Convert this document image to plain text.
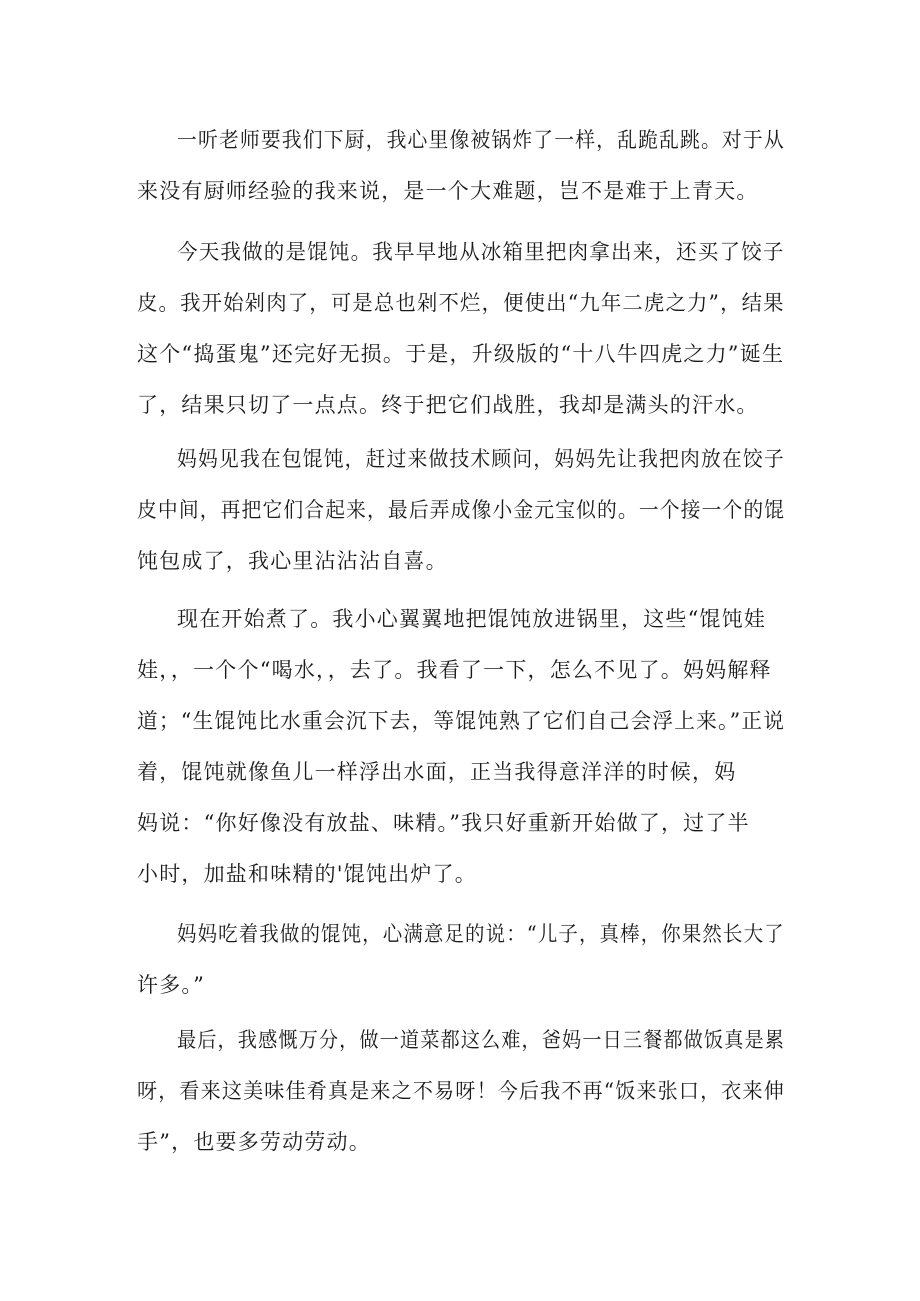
一听老师要我们下厨，我心里像被锅炸了一样，乱跪乱跳。对于从

来没有厨师经验的我来说，是一个大难题，岂不是难于上青天。

今天我做的是馄饨。我早早地从冰箱里把肉拿出来，还买了饺子

皮。我开始剁肉了，可是总也剁不烂，便使出“九年二虎之力”，结果

这个“捣蛋鬼”还完好无损。于是，升级版的“十八牛四虎之力”诞生

了，结果只切了一点点。终于把它们战胜，我却是满头的汗水。

妈妈见我在包馄饨，赶过来做技术顾问，妈妈先让我把肉放在饺子

皮中间，再把它们合起来，最后弄成像小金元宝似的。一个接一个的馄

饨包成了，我心里沾沾沾自喜。

现在开始煮了。我小心翼翼地把馄饨放进锅里，这些“馄饨娃

娃，，一个个“喝水，，去了。我看了一下，怎么不见了。妈妈解释

道；“生馄饨比水重会沉下去，等馄饨熟了它们自己会浮上来。”正说

着，馄饨就像鱼儿一样浮出水面，正当我得意洋洋的时候，妈

妈说：“你好像没有放盐、味精。”我只好重新开始做了，过了半

小时，加盐和味精的'馄饨出炉了。

妈妈吃着我做的馄饨，心满意足的说：“儿子，真棒，你果然长大了

许多。”

最后，我感慨万分，做一道菜都这么难，爸妈一日三餐都做饭真是累

呀，看来这美味佳肴真是来之不易呀！今后我不再“饭来张口，衣来伸

手”，也要多劳动劳动。
